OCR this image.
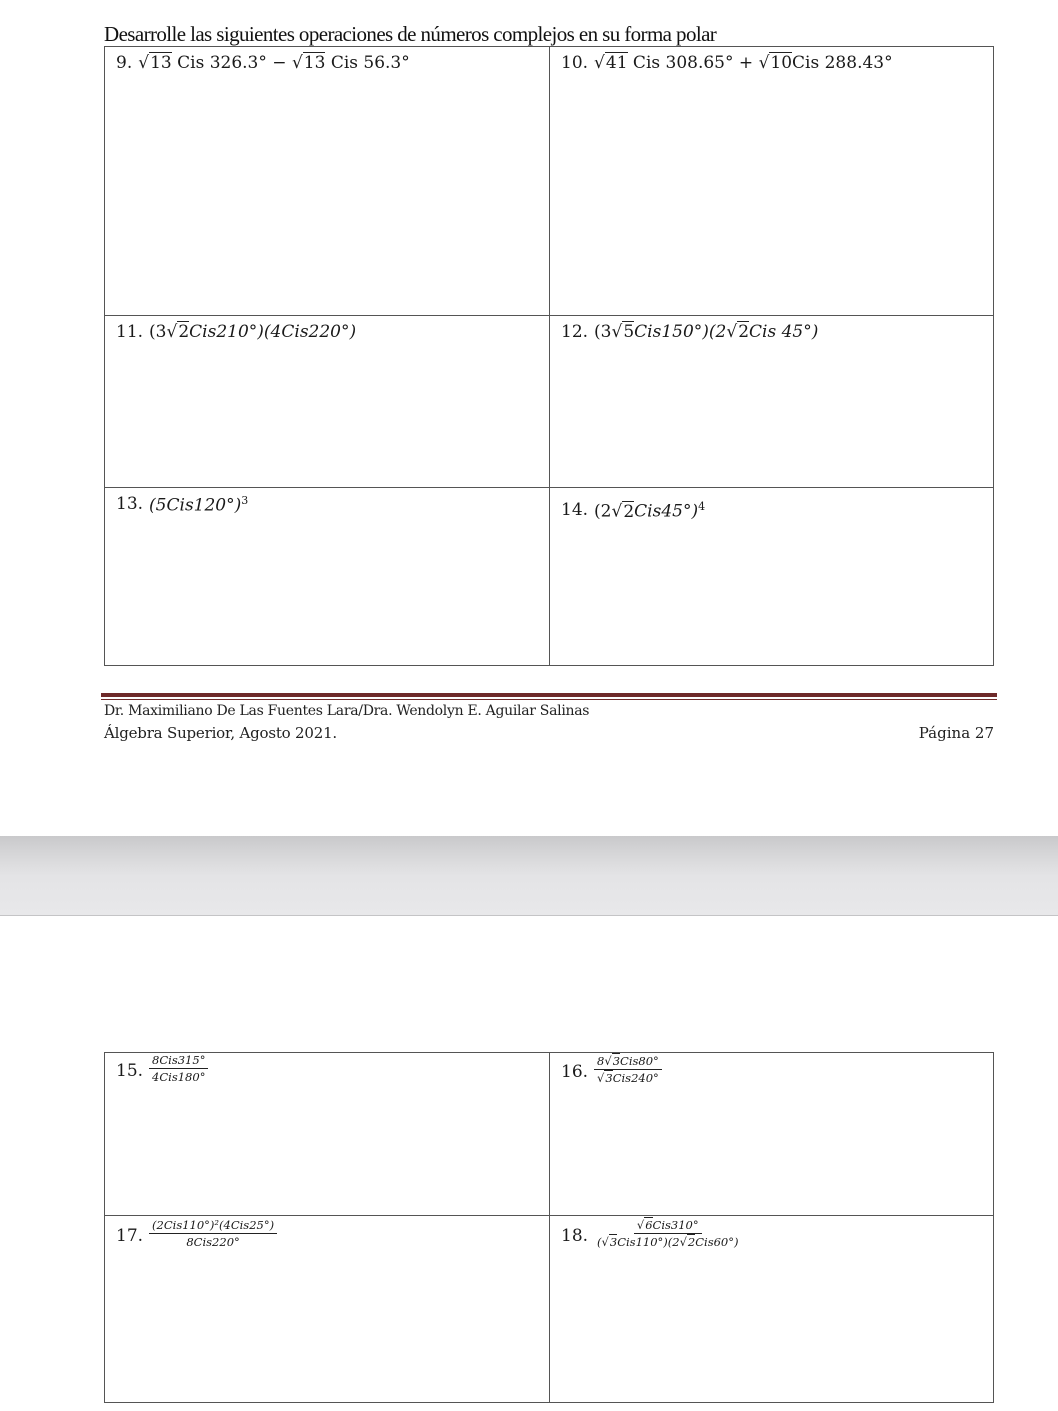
Desarrolle las siguientes operaciones de números complejos en su forma polar
9. √13 Cis 326.3° − √13 Cis 56.3°	10. √41 Cis 308.65° + √10Cis 288.43°
11. (3√2Cis210°)(4Cis220°)	12. (3√5Cis150°)(2√2Cis 45°)
13. $(5Cis120^\circ)^3$	14. $(2√2Cis45^\circ)^4$
Dr. Maximiliano De Las Fuentes Lara/Dra. Wendolyn E. Aguilar Salinas
Álgebra Superior, Agosto 2021.	Página 27
15. $\frac{\text{8Cis315°}}{\text{4Cis180°}}$	16. $\frac{\text{8√3Cis80°}}{\text{√3Cis240°}}$
17. $\frac{\text{(2Cis110°)²(4Cis25°)}}{\text{8Cis220°}}$	18. $\frac{\text{√6Cis310°}}{\text{(√3Cis110°)(2√2Cis60°)}}$
